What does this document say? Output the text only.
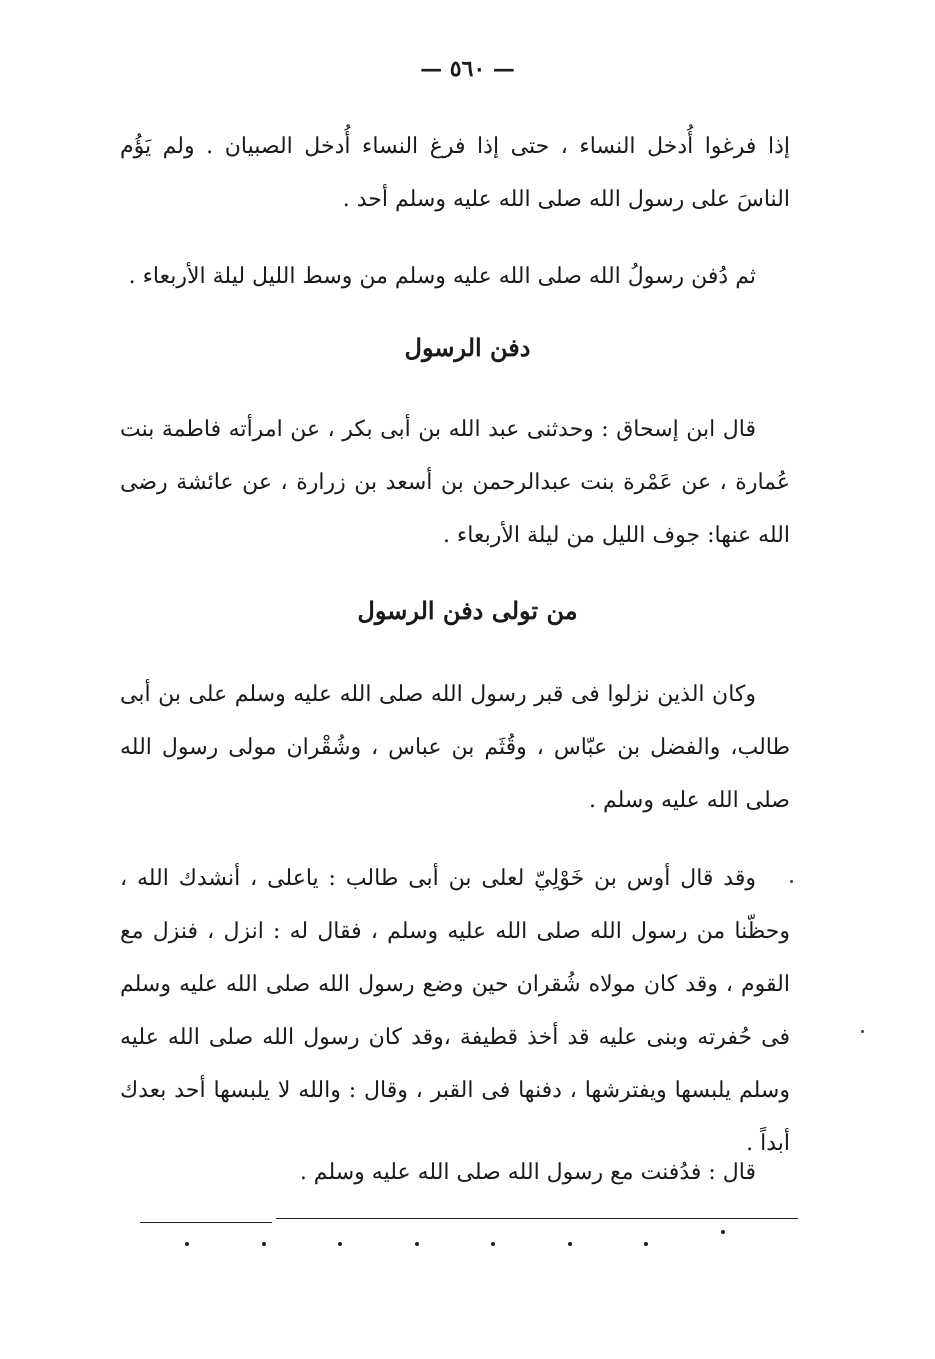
— ٥٦٠ —

إذا فرغوا أُدخل النساء ، حتى إذا فرغ النساء أُدخل الصبيان . ولم يَؤُم الناسَ على رسول الله صلى الله عليه وسلم أحد .

ثم دُفن رسولُ الله صلى الله عليه وسلم من وسط الليل ليلة الأربعاء .

دفن الرسول

قال ابن إسحاق : وحدثنى عبد الله بن أبى بكر ، عن امرأته فاطمة بنت عُمارة ، عن عَمْرة بنت عبدالرحمن بن أسعد بن زرارة ، عن عائشة رضى الله عنها: جوف الليل من ليلة الأربعاء .

من تولى دفن الرسول

وكان الذين نزلوا فى قبر رسول الله صلى الله عليه وسلم على بن أبى طالب، والفضل بن عبّاس ، وقُثَم بن عباس ، وشُقْران مولى رسول الله صلى الله عليه وسلم .

وقد قال أوس بن خَوْلِيّ لعلى بن أبى طالب : ياعلى ، أنشدك الله ، وحظّنا من رسول الله صلى الله عليه وسلم ، فقال له : انزل ، فنزل مع القوم ، وقد كان مولاه شُقران حين وضع رسول الله صلى الله عليه وسلم فى حُفرته وبنى عليه قد أخذ قطيفة ،وقد كان رسول الله صلى الله عليه وسلم يلبسها ويفترشها ، دفنها فى القبر ، وقال : والله لا يلبسها أحد بعدك أبداً .

قال : فدُفنت مع رسول الله صلى الله عليه وسلم .
